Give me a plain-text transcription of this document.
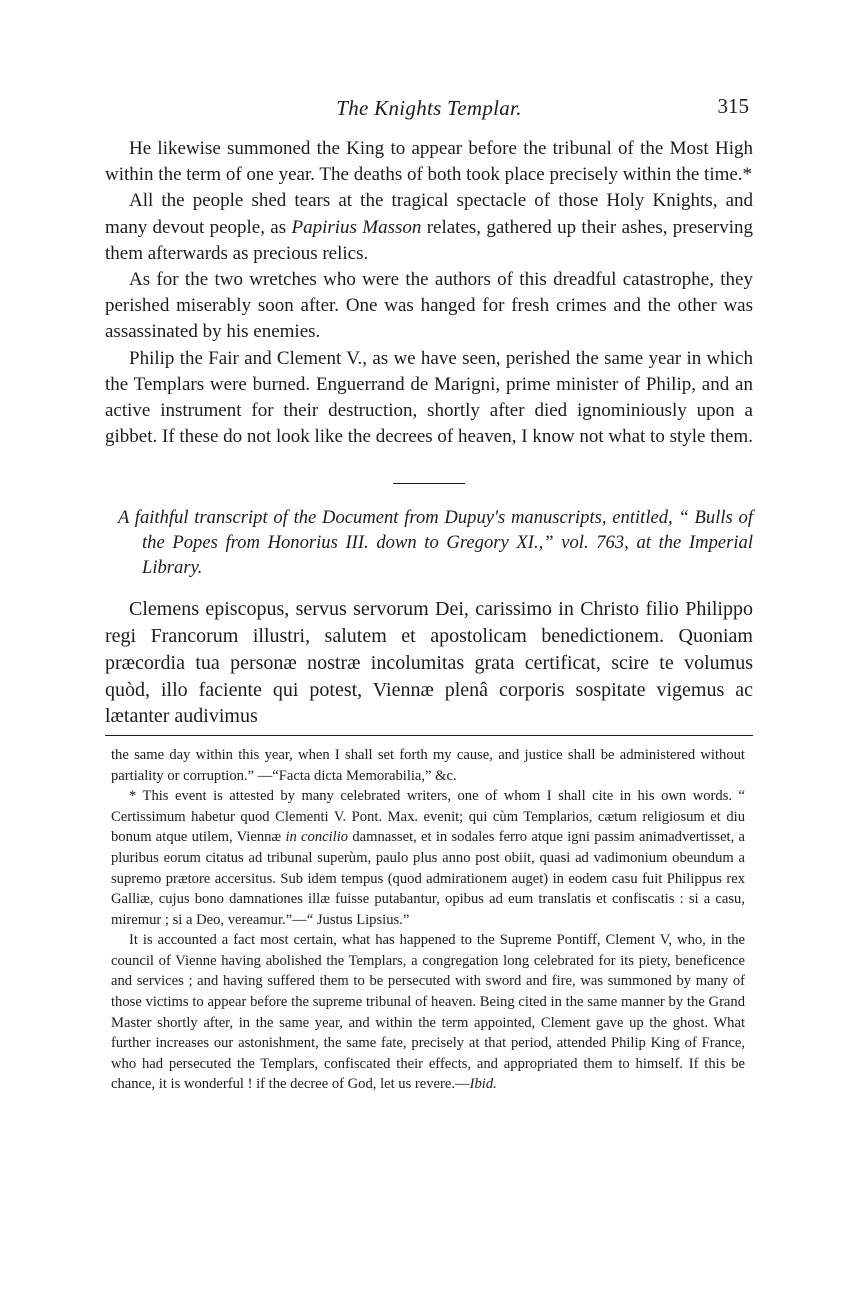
The Knights Templar.	315

He likewise summoned the King to appear before the tribunal of the Most High within the term of one year. The deaths of both took place precisely within the time.*

All the people shed tears at the tragical spectacle of those Holy Knights, and many devout people, as Papirius Masson relates, gathered up their ashes, preserving them afterwards as precious relics.

As for the two wretches who were the authors of this dreadful catastrophe, they perished miserably soon after. One was hanged for fresh crimes and the other was assassinated by his enemies.

Philip the Fair and Clement V., as we have seen, perished the same year in which the Templars were burned. Enguerrand de Marigni, prime minister of Philip, and an active instrument for their destruction, shortly after died ignominiously upon a gibbet. If these do not look like the decrees of heaven, I know not what to style them.

A faithful transcript of the Document from Dupuy's manuscripts, entitled, “ Bulls of the Popes from Honorius III. down to Gregory XI.,” vol. 763, at the Imperial Library.

Clemens episcopus, servus servorum Dei, carissimo in Christo filio Philippo regi Francorum illustri, salutem et apostolicam benedictionem. Quoniam præcordia tua personæ nostræ incolumitas grata certificat, scire te volumus quòd, illo faciente qui potest, Viennæ plenâ corporis sospitate vigemus ac lætanter audivimus

the same day within this year, when I shall set forth my cause, and justice shall be administered without partiality or corruption.” —“Facta dicta Memorabilia,” &c.

* This event is attested by many celebrated writers, one of whom I shall cite in his own words. “ Certissimum habetur quod Clementi V. Pont. Max. evenit; qui cùm Templarios, cætum religiosum et diu bonum atque utilem, Viennæ in concilio damnasset, et in sodales ferro atque igni passim animadvertisset, a pluribus eorum citatus ad tribunal superùm, paulo plus anno post obiit, quasi ad vadimonium obeundum a supremo prætore accersitus. Sub idem tempus (quod admirationem auget) in eodem casu fuit Philippus rex Galliæ, cujus bono damnationes illæ fuisse putabantur, opibus ad eum translatis et confiscatis : si a casu, miremur ; si a Deo, vereamur.”—“ Justus Lipsius.”

It is accounted a fact most certain, what has happened to the Supreme Pontiff, Clement V, who, in the council of Vienne having abolished the Templars, a congregation long celebrated for its piety, beneficence and services ; and having suffered them to be persecuted with sword and fire, was summoned by many of those victims to appear before the supreme tribunal of heaven. Being cited in the same manner by the Grand Master shortly after, in the same year, and within the term appointed, Clement gave up the ghost. What further increases our astonishment, the same fate, precisely at that period, attended Philip King of France, who had persecuted the Templars, confiscated their effects, and appropriated them to himself. If this be chance, it is wonderful ! if the decree of God, let us revere.—Ibid.
